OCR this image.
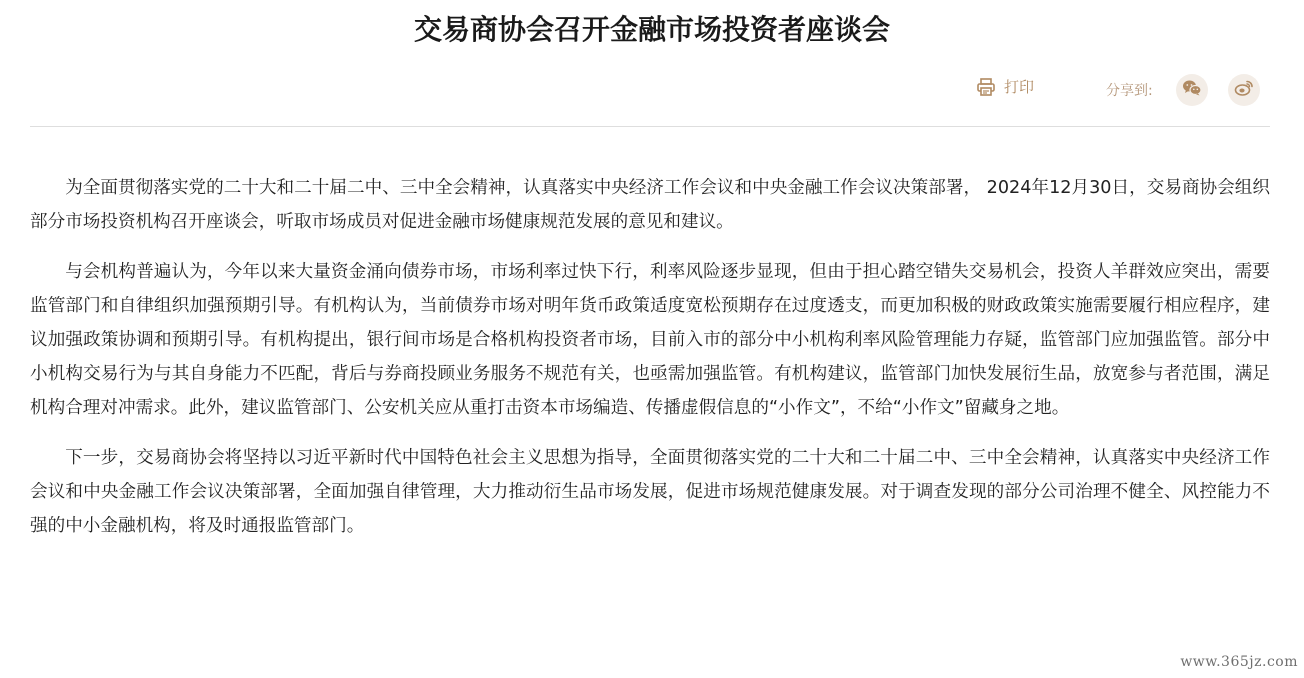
交易商协会召开金融市场投资者座谈会
打印	分享到:

为全面贯彻落实党的二十大和二十届二中、三中全会精神，认真落实中央经济工作会议和中央金融工作会议决策部署， 2024年12月30日，交易商协会组织部分市场投资机构召开座谈会，听取市场成员对促进金融市场健康规范发展的意见和建议。

与会机构普遍认为，今年以来大量资金涌向债券市场，市场利率过快下行，利率风险逐步显现，但由于担心踏空错失交易机会，投资人羊群效应突出，需要监管部门和自律组织加强预期引导。有机构认为，当前债券市场对明年货币政策适度宽松预期存在过度透支，而更加积极的财政政策实施需要履行相应程序，建议加强政策协调和预期引导。有机构提出，银行间市场是合格机构投资者市场，目前入市的部分中小机构利率风险管理能力存疑，监管部门应加强监管。部分中小机构交易行为与其自身能力不匹配，背后与券商投顾业务服务不规范有关，也亟需加强监管。有机构建议，监管部门加快发展衍生品，放宽参与者范围，满足机构合理对冲需求。此外，建议监管部门、公安机关应从重打击资本市场编造、传播虚假信息的“小作文”，不给“小作文”留藏身之地。

下一步，交易商协会将坚持以习近平新时代中国特色社会主义思想为指导，全面贯彻落实党的二十大和二十届二中、三中全会精神，认真落实中央经济工作会议和中央金融工作会议决策部署，全面加强自律管理，大力推动衍生品市场发展，促进市场规范健康发展。对于调查发现的部分公司治理不健全、风控能力不强的中小金融机构，将及时通报监管部门。

www.365jz.com
